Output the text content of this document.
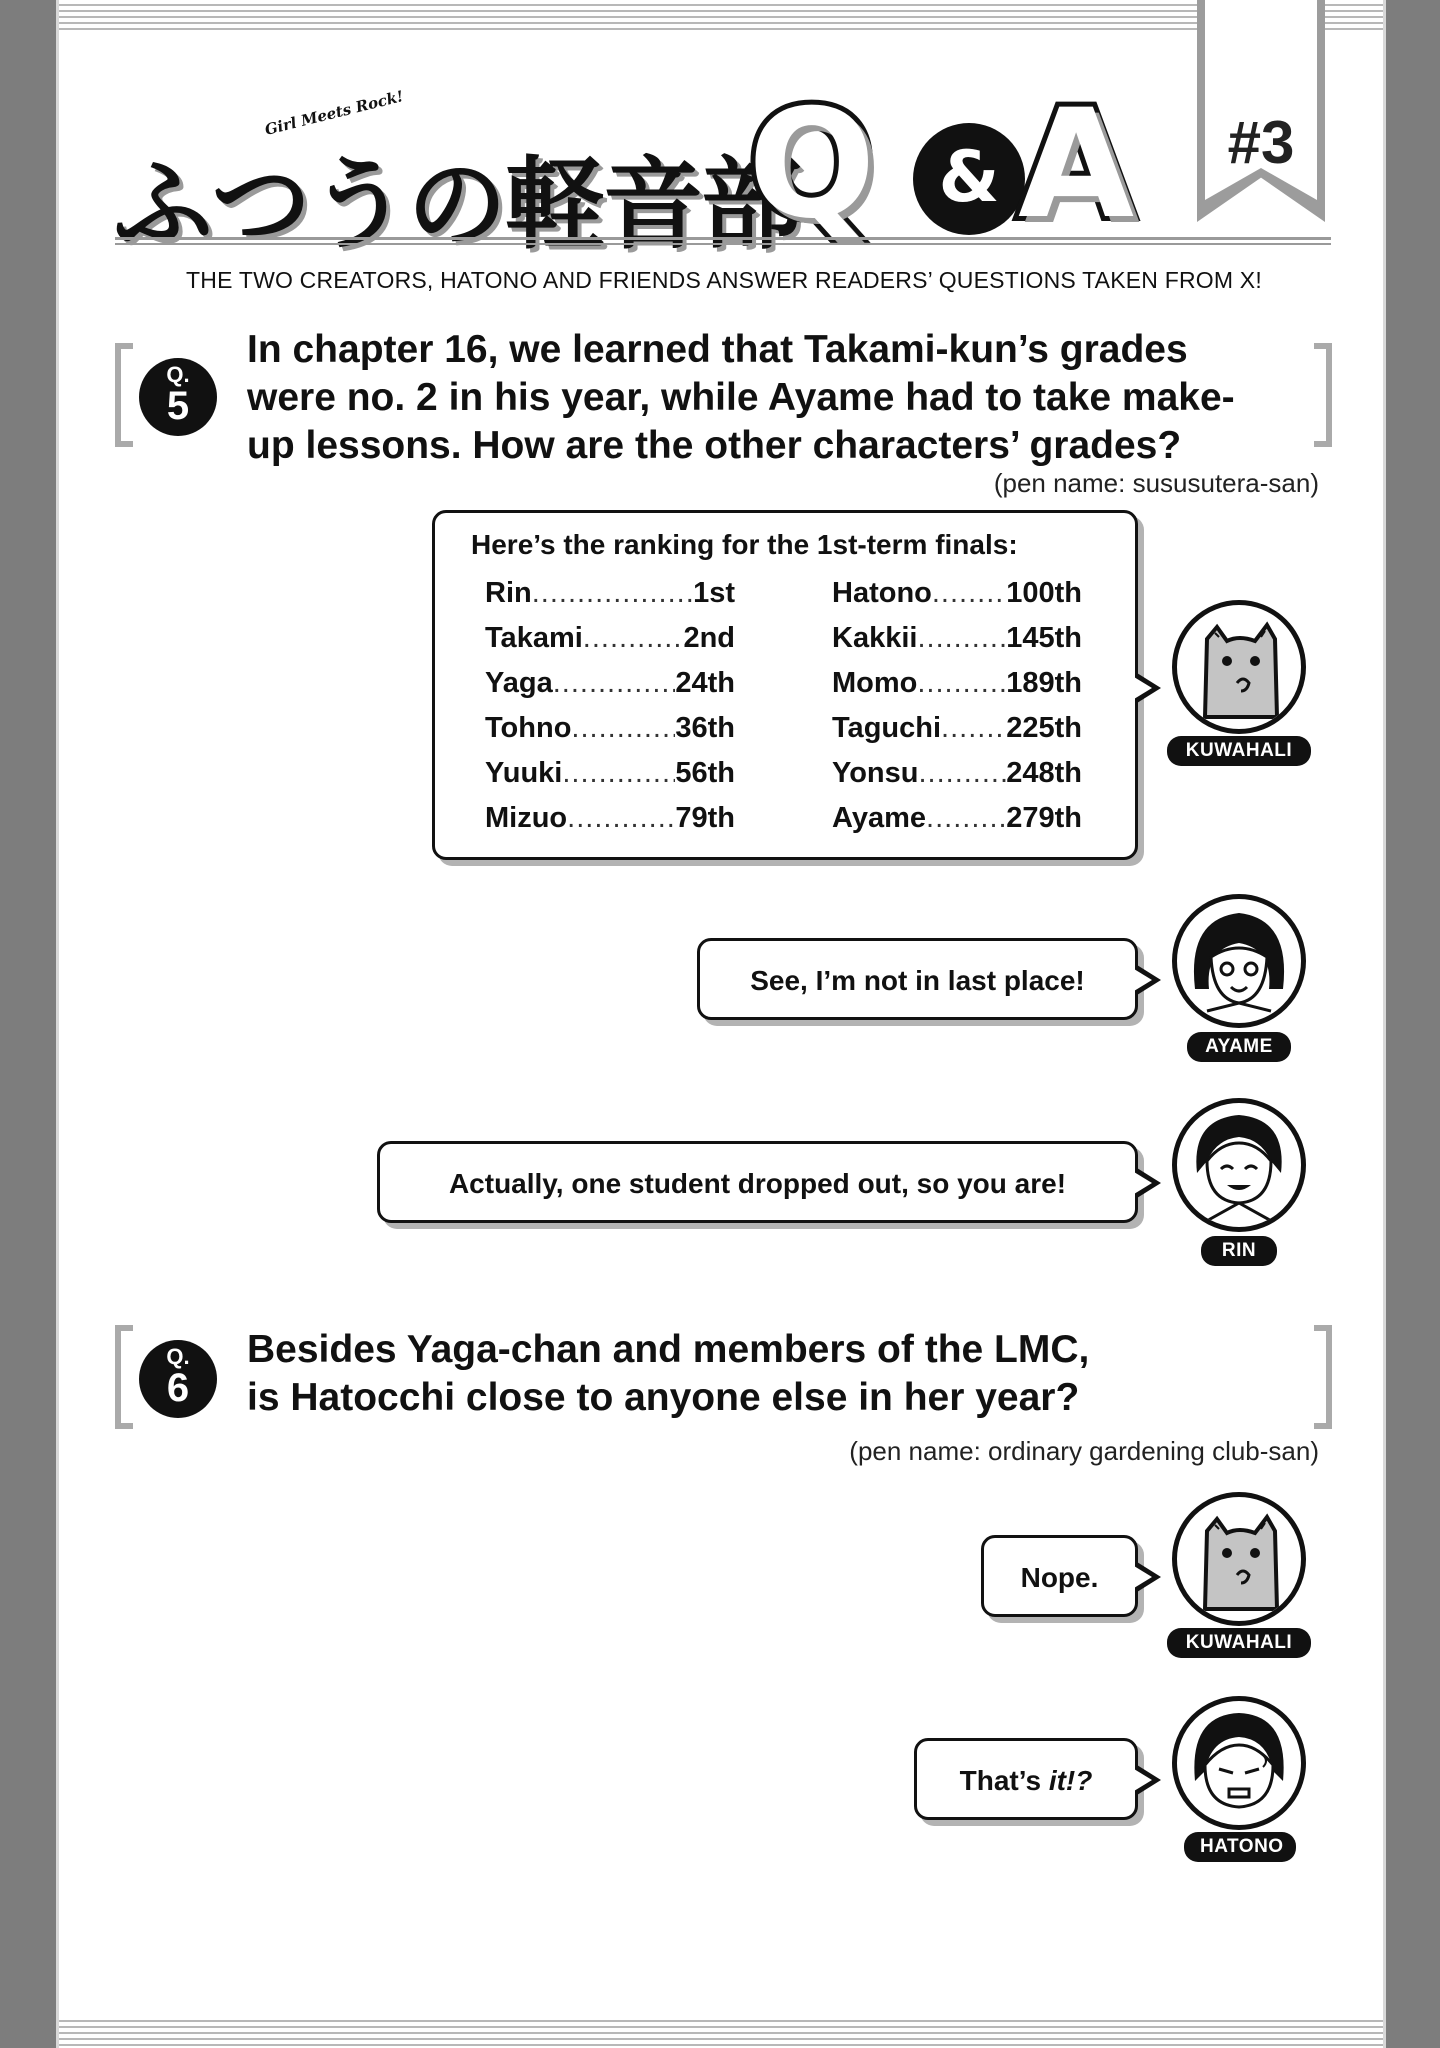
Girl Meets Rock!
ふつうの軽音部
Q & A	#3
THE TWO CREATORS, HATONO AND FRIENDS ANSWER READERS’ QUESTIONS TAKEN FROM X!
Q.
5
In chapter 16, we learned that Takami-kun’s grades
were no. 2 in his year, while Ayame had to take make-
up lessons. How are the other characters’ grades?
(pen name: sususutera-san)
Here’s the ranking for the 1st-term finals:
Rin .....	1st
Takami .....	2nd
Yaga .....	24th
Tohno .....	36th
Yuuki .....	56th
Mizuo .....	79th
Hatono .....	100th
Kakkii .....	145th
Momo .....	189th
Taguchi ..... 225th
Yonsu .....	248th
Ayame .....	279th
KUWAHALI
See, I’m not in last place!
AYAME
Actually, one student dropped out, so you are!
RIN
Q.
6
Besides Yaga-chan and members of the LMC,
is Hatocchi close to anyone else in her year?
(pen name: ordinary gardening club-san)
Nope.
KUWAHALI
That’s it!?
HATONO
